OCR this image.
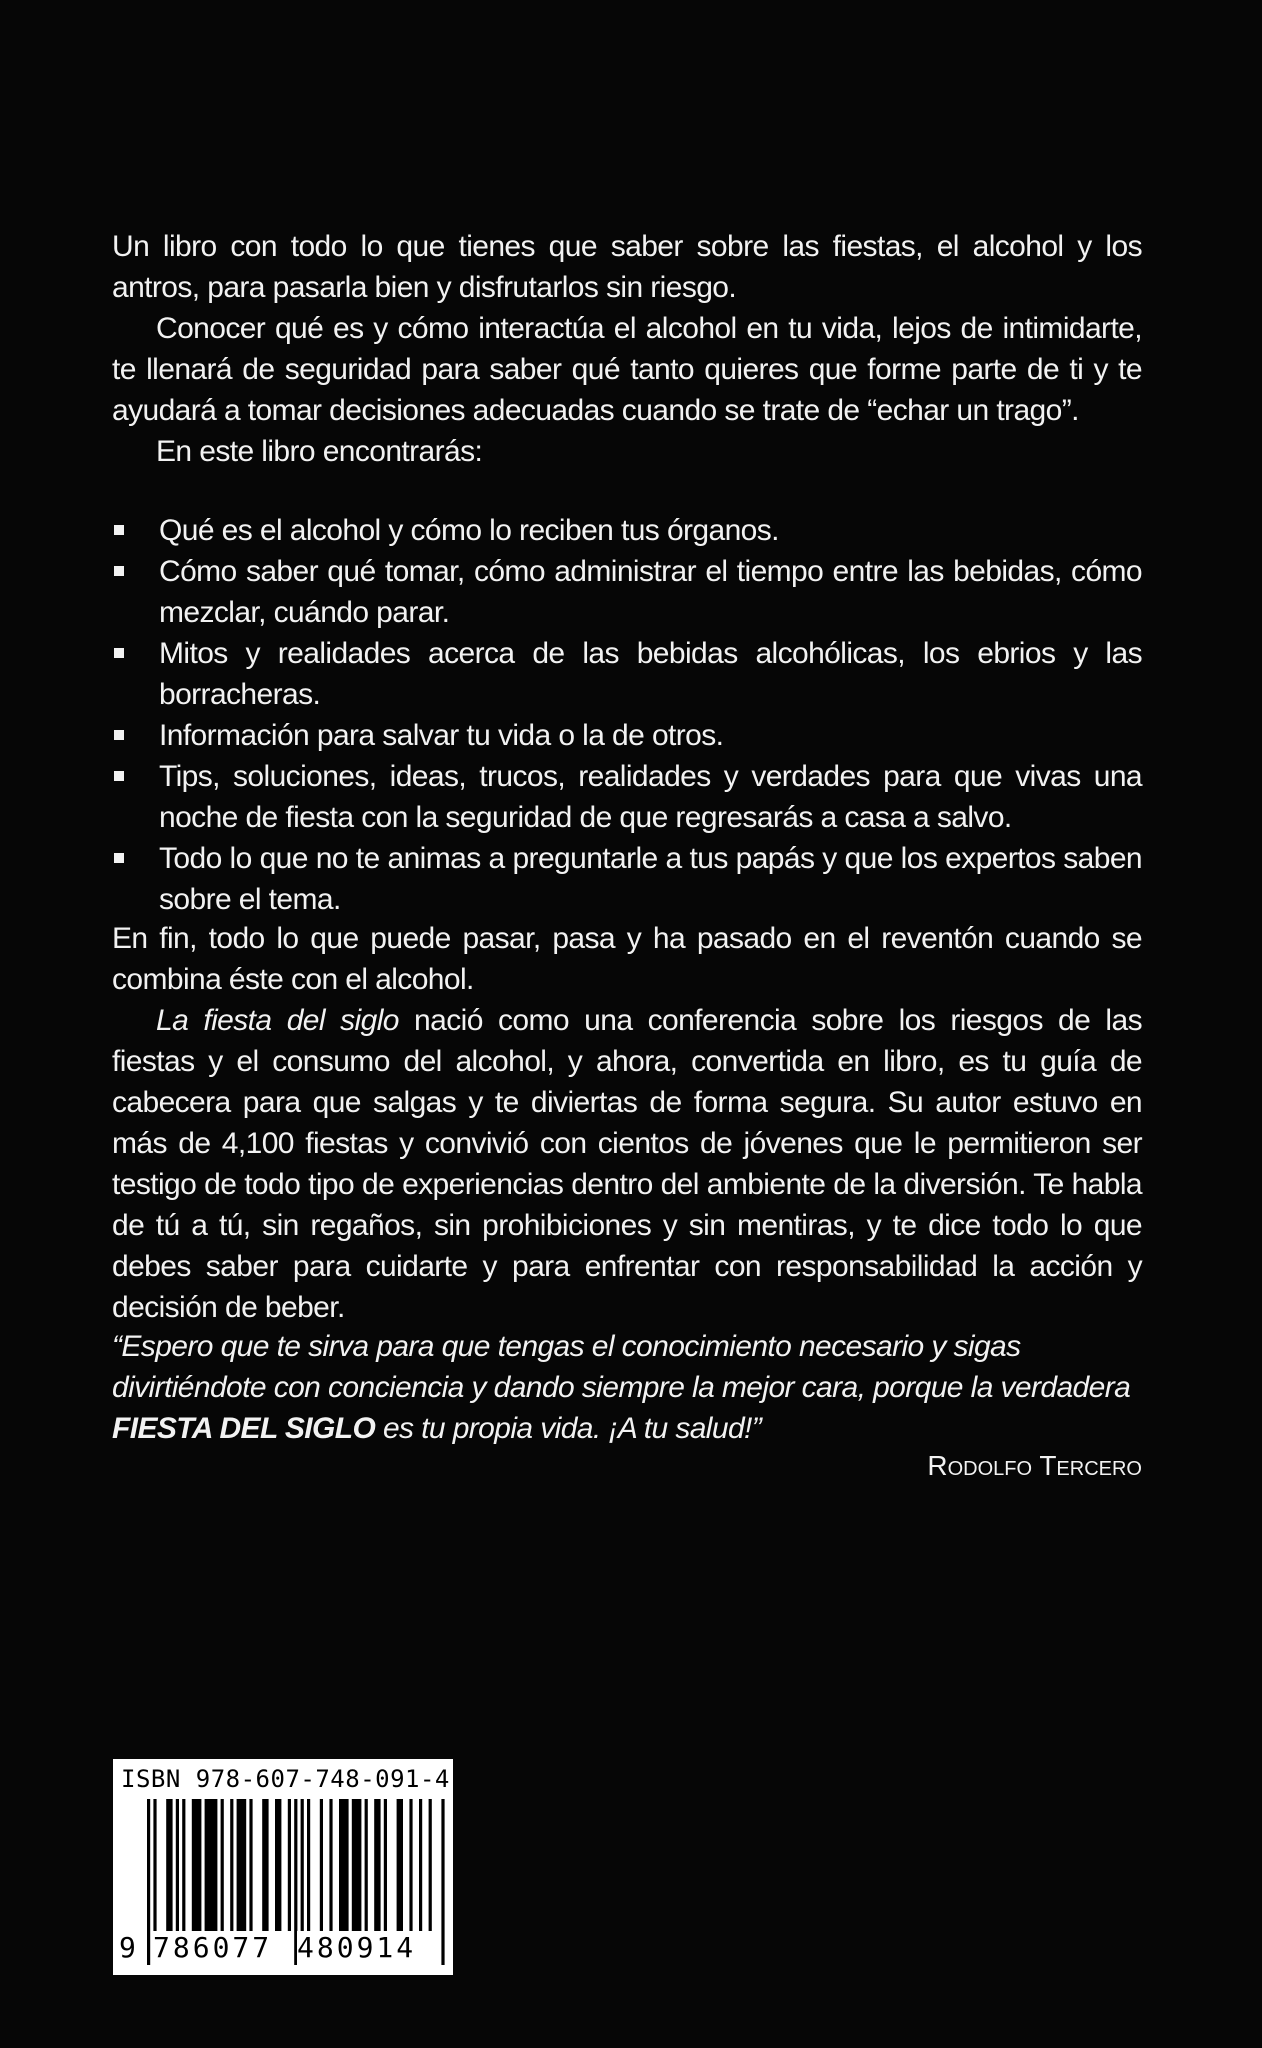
Un libro con todo lo que tienes que saber sobre las fiestas, el alcohol y los antros, para pasarla bien y disfrutarlos sin riesgo.

Conocer qué es y cómo interactúa el alcohol en tu vida, lejos de intimidarte, te llenará de seguridad para saber qué tanto quieres que forme parte de ti y te ayudará a tomar decisiones adecuadas cuando se trate de “echar un trago”.

En este libro encontrarás:

Qué es el alcohol y cómo lo reciben tus órganos.
Cómo saber qué tomar, cómo administrar el tiempo entre las bebidas, cómo mezclar, cuándo parar.
Mitos y realidades acerca de las bebidas alcohólicas, los ebrios y las borracheras.
Información para salvar tu vida o la de otros.
Tips, soluciones, ideas, trucos, realidades y verdades para que vivas una noche de fiesta con la seguridad de que regresarás a casa a salvo.
Todo lo que no te animas a preguntarle a tus papás y que los expertos saben sobre el tema.

En fin, todo lo que puede pasar, pasa y ha pasado en el reventón cuando se combina éste con el alcohol.

La fiesta del siglo nació como una conferencia sobre los riesgos de las fiestas y el consumo del alcohol, y ahora, convertida en libro, es tu guía de cabecera para que salgas y te diviertas de forma segura. Su autor estuvo en más de 4,100 fiestas y convivió con cientos de jóvenes que le permitieron ser testigo de todo tipo de experiencias dentro del ambiente de la diversión. Te habla de tú a tú, sin regaños, sin prohibiciones y sin mentiras, y te dice todo lo que debes saber para cuidarte y para enfrentar con responsabilidad la acción y decisión de beber.

“Espero que te sirva para que tengas el conocimiento necesario y sigas divirtiéndote con conciencia y dando siempre la mejor cara, porque la verdadera FIESTA DEL SIGLO es tu propia vida. ¡A tu salud!”
Rodolfo Tercero
ISBN 978-607-748-091-4
9 786077 480914
